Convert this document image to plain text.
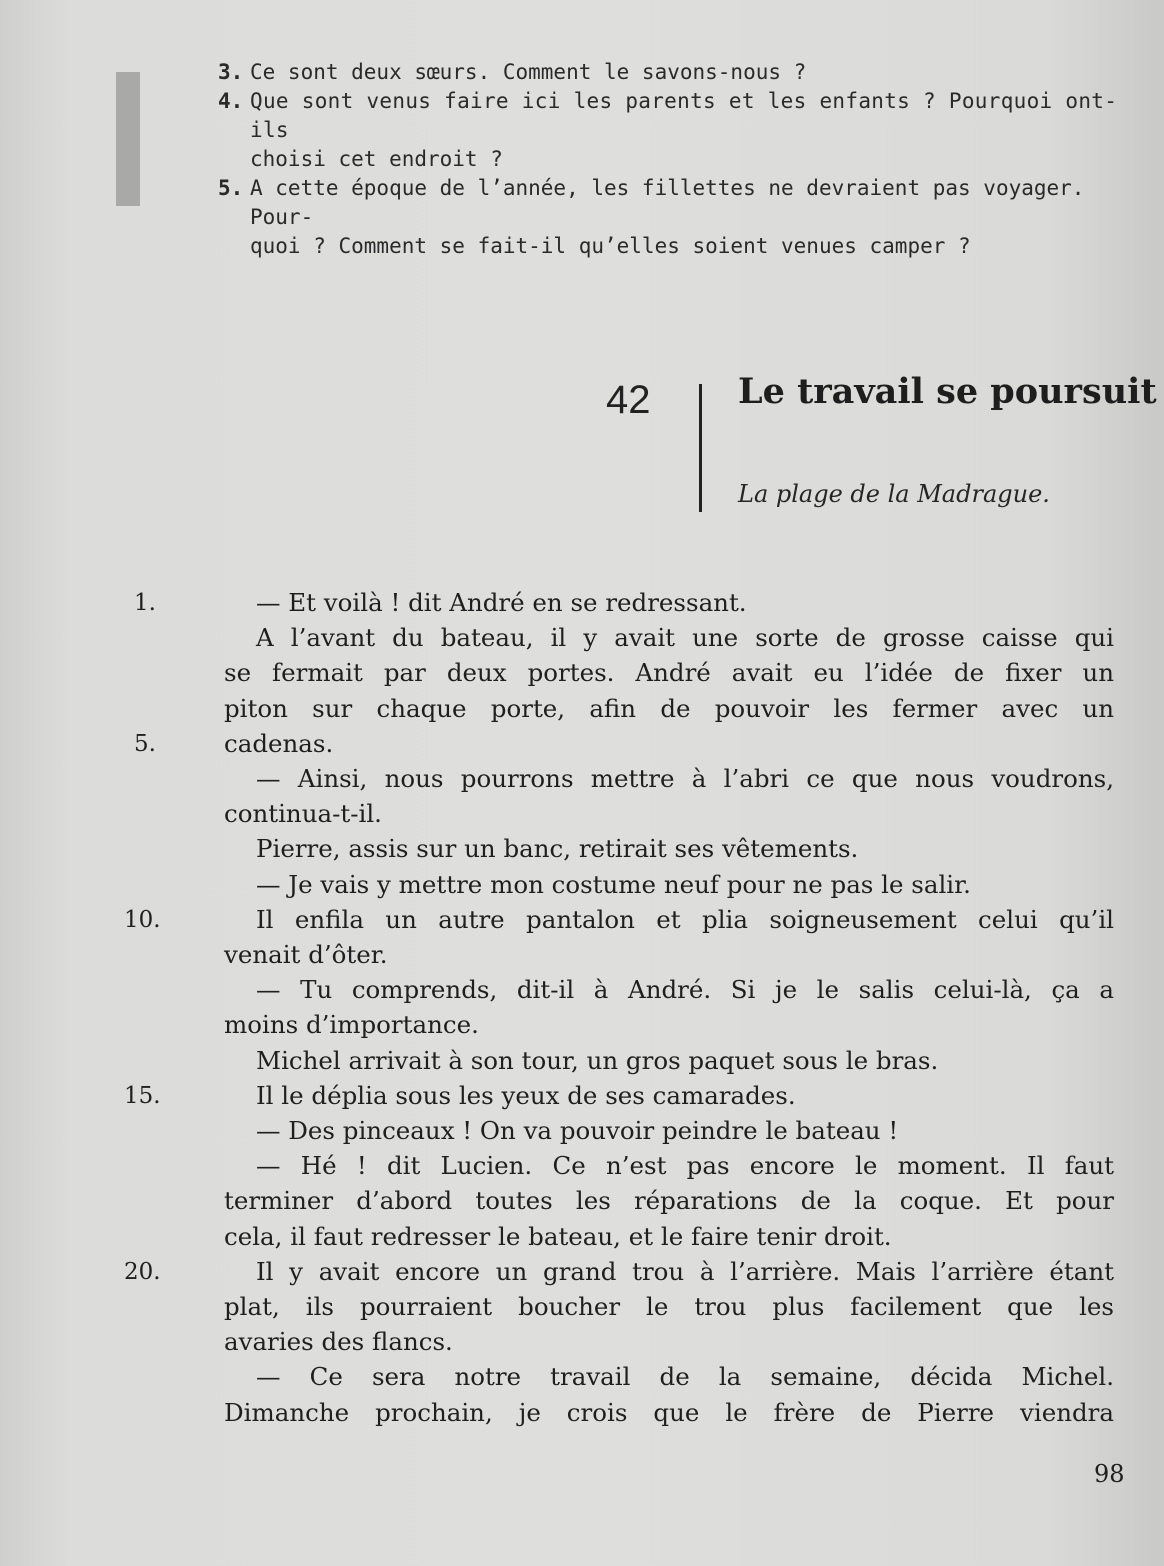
3. Ce sont deux sœurs. Comment le savons-nous ?
4. Que sont venus faire ici les parents et les enfants ? Pourquoi ont-ils
choisi cet endroit ?
5. A cette époque de l’année, les fillettes ne devraient pas voyager. Pour-
quoi ? Comment se fait-il qu’elles soient venues camper ?
42	Le travail se poursuit
La plage de la Madrague.
— Et voilà ! dit André en se redressant.
A l’avant du bateau, il y avait une sorte de grosse caisse qui
se fermait par deux portes. André avait eu l’idée de fixer un
piton sur chaque porte, afin de pouvoir les fermer avec un
cadenas.
— Ainsi, nous pourrons mettre à l’abri ce que nous voudrons,
continua-t-il.
Pierre, assis sur un banc, retirait ses vêtements.
— Je vais y mettre mon costume neuf pour ne pas le salir.
Il enfila un autre pantalon et plia soigneusement celui qu’il
venait d’ôter.
— Tu comprends, dit-il à André. Si je le salis celui-là, ça a
moins d’importance.
Michel arrivait à son tour, un gros paquet sous le bras.
Il le déplia sous les yeux de ses camarades.
— Des pinceaux ! On va pouvoir peindre le bateau !
— Hé ! dit Lucien. Ce n’est pas encore le moment. Il faut
terminer d’abord toutes les réparations de la coque. Et pour
cela, il faut redresser le bateau, et le faire tenir droit.
Il y avait encore un grand trou à l’arrière. Mais l’arrière étant
plat, ils pourraient boucher le trou plus facilement que les
avaries des flancs.
— Ce sera notre travail de la semaine, décida Michel.
Dimanche prochain, je crois que le frère de Pierre viendra
1.
5.
10.
15.
20.
98
